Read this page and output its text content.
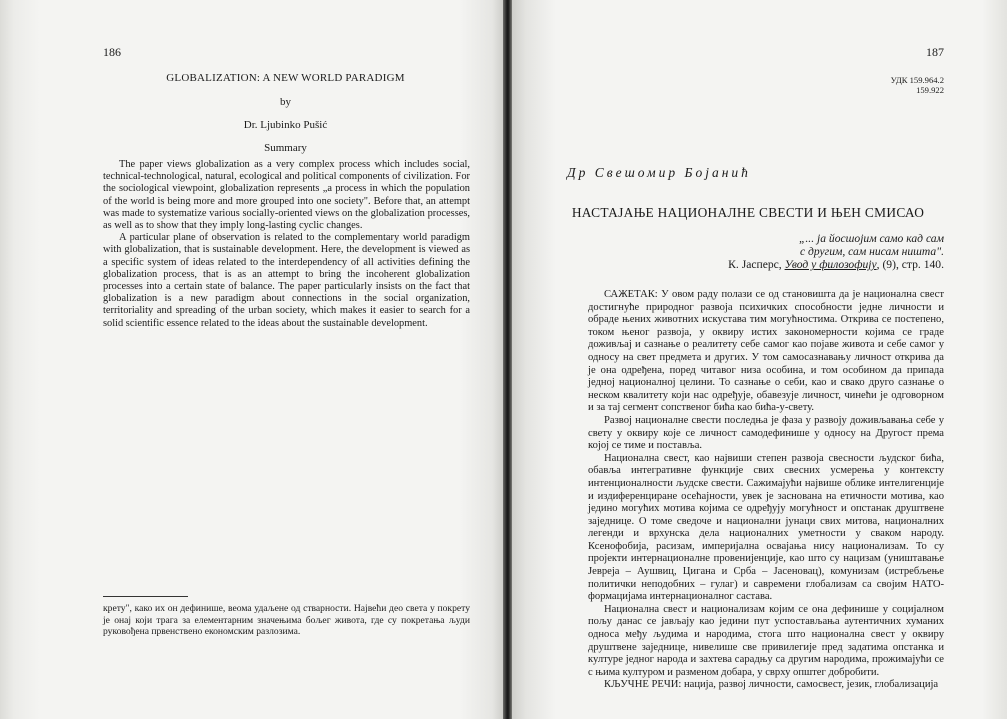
186
GLOBALIZATION: A NEW WORLD PARADIGM
by
Dr. Ljubinko Pušić
Summary

The paper views globalization as a very complex process which includes social, technical-technological, natural, ecological and political components of civilization. For the sociological viewpoint, globalization represents „a process in which the population of the world is being more and more grouped into one society". Before that, an attempt was made to systematize various socially-oriented views on the globalization processes, as well as to show that they imply long-lasting cyclic changes.

A particular plane of observation is related to the complementary world paradigm with globalization, that is sustainable development. Here, the development is viewed as a specific system of ideas related to the interdependency of all activities defining the globalization process, that is as an attempt to bring the incoherent globalization processes into a certain state of balance. The paper particularly insists on the fact that globalization is a new paradigm about connections in the social organization, territoriality and spreading of the urban society, which makes it easier to search for a solid scientific essence related to the ideas about the sustainable development.

крету", како их он дефинише, веома удаљене од стварности. Највећи део света у покрету је онај који трага за елементарним значењима бољег живота, где су покретања људи руковођена првенствено економским разлозима.
187
УДК 159.964.2
159.922
Др Свешомир Бојанић
НАСТАЈАЊЕ НАЦИОНАЛНЕ СВЕСТИ И ЊЕН СМИСАО
„... ја йосшојим само кад сам
с другим, сам нисам ништа".
К. Јасперс, Увод у филозофију, (9), стр. 140.

САЖЕТАК: У овом раду полази се од становишта да је национална свест достигнуће природног развоја психичких способности једне личности и обраде њених животних искустава тим могућностима. Открива се постепено, током њеног развоја, у оквиру истих закономерности којима се граде доживљај и сазнање о реалитету себе самог као појаве живота и себе самог у односу на свет предмета и других. У том самосазнавању личност открива да је она одређена, поред читавог низа особина, и том особином да припада једној националној целини. То сазнање о себи, као и свако друго сазнање о неском квалитету који нас одређује, обавезује личност, чинећи је одговорном и за тај сегмент сопственог бића као бића-у-свету.

Развој националне свести последња је фаза у развоју доживљавања себе у свету у оквиру које се личност самодефинише у односу на Другост према којој се тиме и поставља.

Национална свест, као највиши степен развоја свесности људског бића, обавља интегративне функције свих свесних усмерења у контексту интенционалности људске свести. Сажимајући највише облике интелигенције и издиференциране осећајности, увек је заснована на етичности мотива, као једино могућих мотива којима се одређују могућност и опстанак друштвене заједнице. О томе сведоче и национални јунаци свих митова, националних легенди и врхунска дела националних уметности у сваком народу. Ксенофобија, расизам, империјална освајања нису национализам. То су пројекти интернационалне провенијенције, као што су нацизам (уништавање Јевреја – Аушвиц, Цигана и Срба – Јасеновац), комунизам (истребљење политички неподобних – гулаг) и савремени глобализам са својим НАТО-формацијама интернационалног састава.

Национална свест и национализам којим се она дефинише у социјалном пољу данас се јављају као једини пут успостављања аутентичних хуманих односа међу људима и народима, стога што национална свест у оквиру друштвене заједнице, нивелише све привилегије пред задатима опстанка и културе једног народа и захтева сарадњу са другим народима, прожимајући се с њима културом и размeном добара, у сврху општег добробити.

КЉУЧНЕ РЕЧИ: нација, развој личности, самосвест, језик, глобализација
